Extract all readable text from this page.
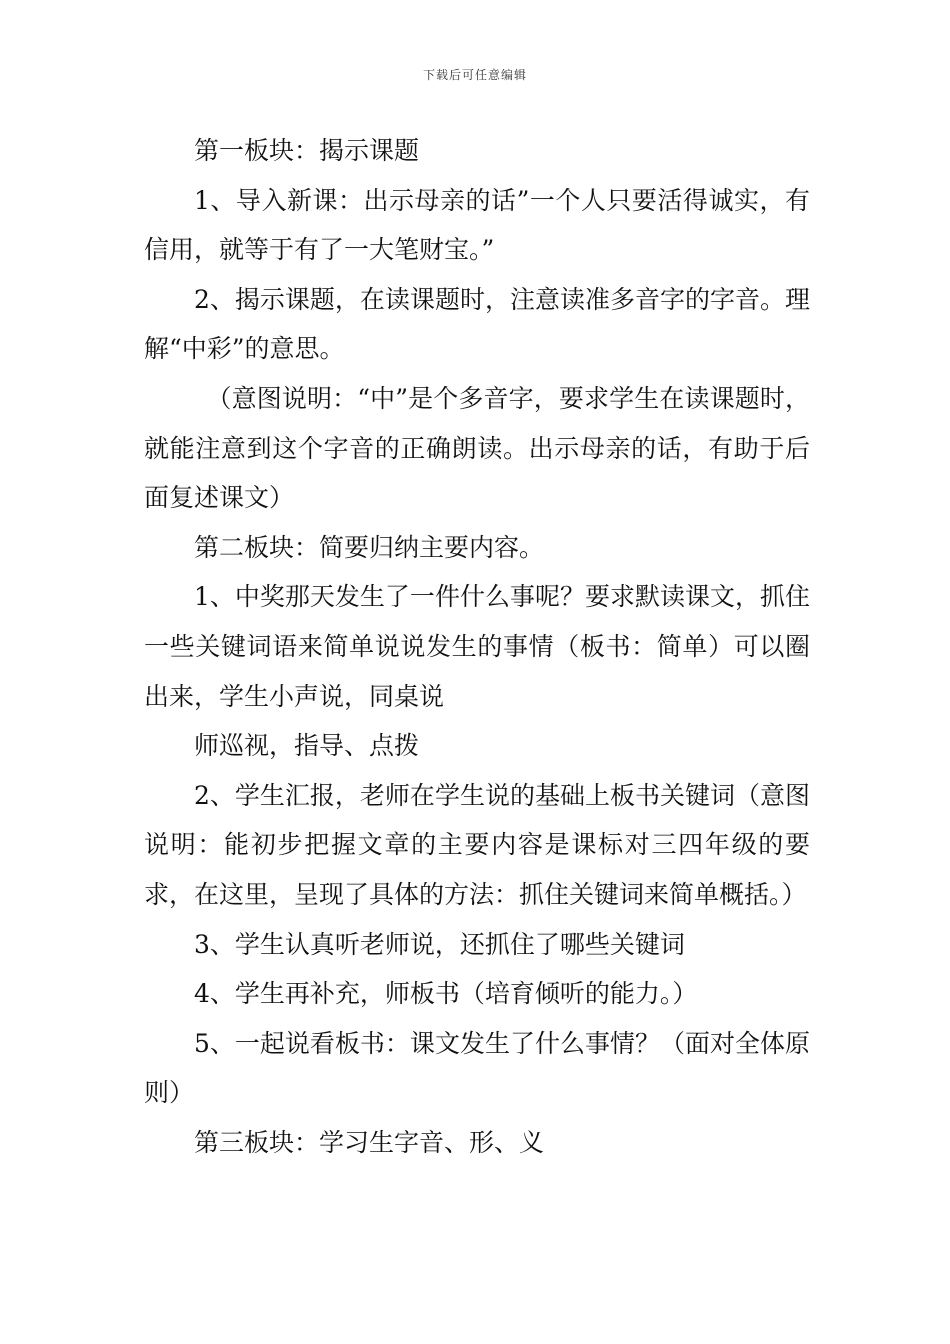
下载后可任意编辑

第一板块：揭示课题

1、导入新课：出示母亲的话”一个人只要活得诚实，有信用，就等于有了一大笔财宝。”

2、揭示课题，在读课题时，注意读准多音字的字音。理解“中彩”的意思。

（意图说明：“中”是个多音字，要求学生在读课题时，就能注意到这个字音的正确朗读。出示母亲的话，有助于后面复述课文）

第二板块：简要归纳主要内容。

1、中奖那天发生了一件什么事呢？要求默读课文，抓住一些关键词语来简单说说发生的事情（板书：简单）可以圈出来，学生小声说，同桌说

师巡视，指导、点拨

2、学生汇报，老师在学生说的基础上板书关键词（意图说明：能初步把握文章的主要内容是课标对三四年级的要求，在这里，呈现了具体的方法：抓住关键词来简单概括。）

3、学生认真听老师说，还抓住了哪些关键词

4、学生再补充，师板书（培育倾听的能力。）

5、一起说看板书：课文发生了什么事情？（面对全体原则）

第三板块：学习生字音、形、义
